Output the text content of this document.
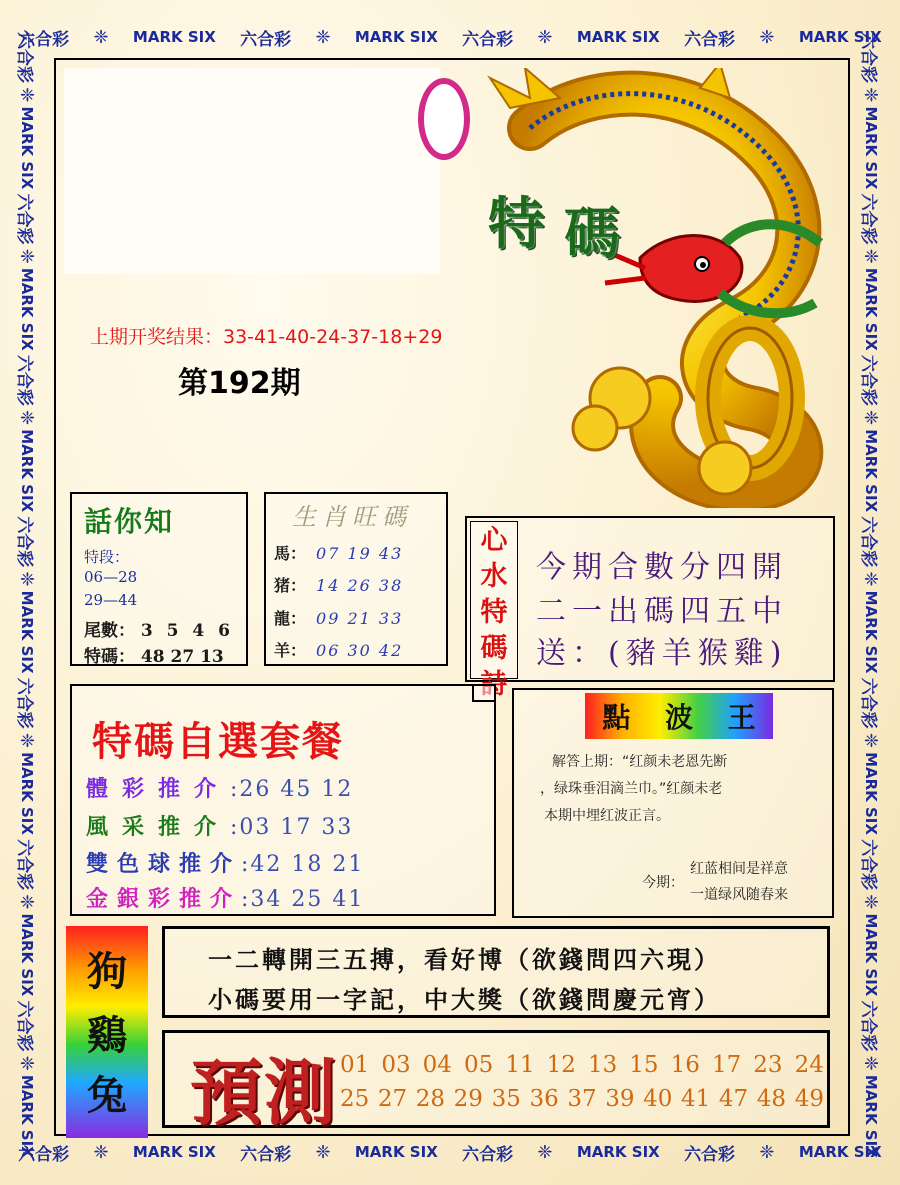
六合彩 ❈ MARK SIX 六合彩 ❈ MARK SIX 六合彩 ❈ MARK SIX 六合彩 ❈ MARK SIX
六合彩 ❈ MARK SIX 六合彩 ❈ MARK SIX 六合彩 ❈ MARK SIX 六合彩 ❈ MARK SIX
六合彩
❈
MARK SIX
六合彩
❈
MARK SIX
六合彩
❈
MARK SIX
六合彩
❈
MARK SIX
六合彩
❈
MARK SIX
六合彩
❈
MARK SIX
六合彩
❈
MARK SIX
六合彩
❈
MARK SIX
六合彩
❈
MARK SIX
六合彩
❈
MARK SIX
六合彩
❈
MARK SIX
六合彩
❈
MARK SIX
六合彩
❈
MARK SIX
六合彩
❈
MARK SIX
特 碼
上期开奖结果：33-41-40-24-37-18+29
第192期
話你知
特段：
06—28
29—44
尾數： 3 5 4 6
特碼： 48 27 13
生肖旺碼
馬： 07 19 43
猪： 14 26 38
龍： 09 21 33
羊： 06 30 42
心
水
特
碼
詩
今期合數分四開
二一出碼四五中
送：(豬羊猴雞)
特碼自選套餐
體彩推介:26 45 12
風采推介:03 17 33
雙色球推介:42 18 21
金銀彩推介:34 25 41
點 波 王
解答上期：“红颜未老恩先断
，绿珠垂泪滴兰巾。”红颜未老
本期中埋红波正言。
今期：
红蓝相间是祥意
一道绿风随春来
狗
鷄
兔
一二轉開三五搏，看好博（欲錢問四六現）
小碼要用一字記，中大獎（欲錢問慶元宵）
預測 01 03 04 05 11 12 13 15 16 17 23 24
25 27 28 29 35 36 37 39 40 41 47 48 49
